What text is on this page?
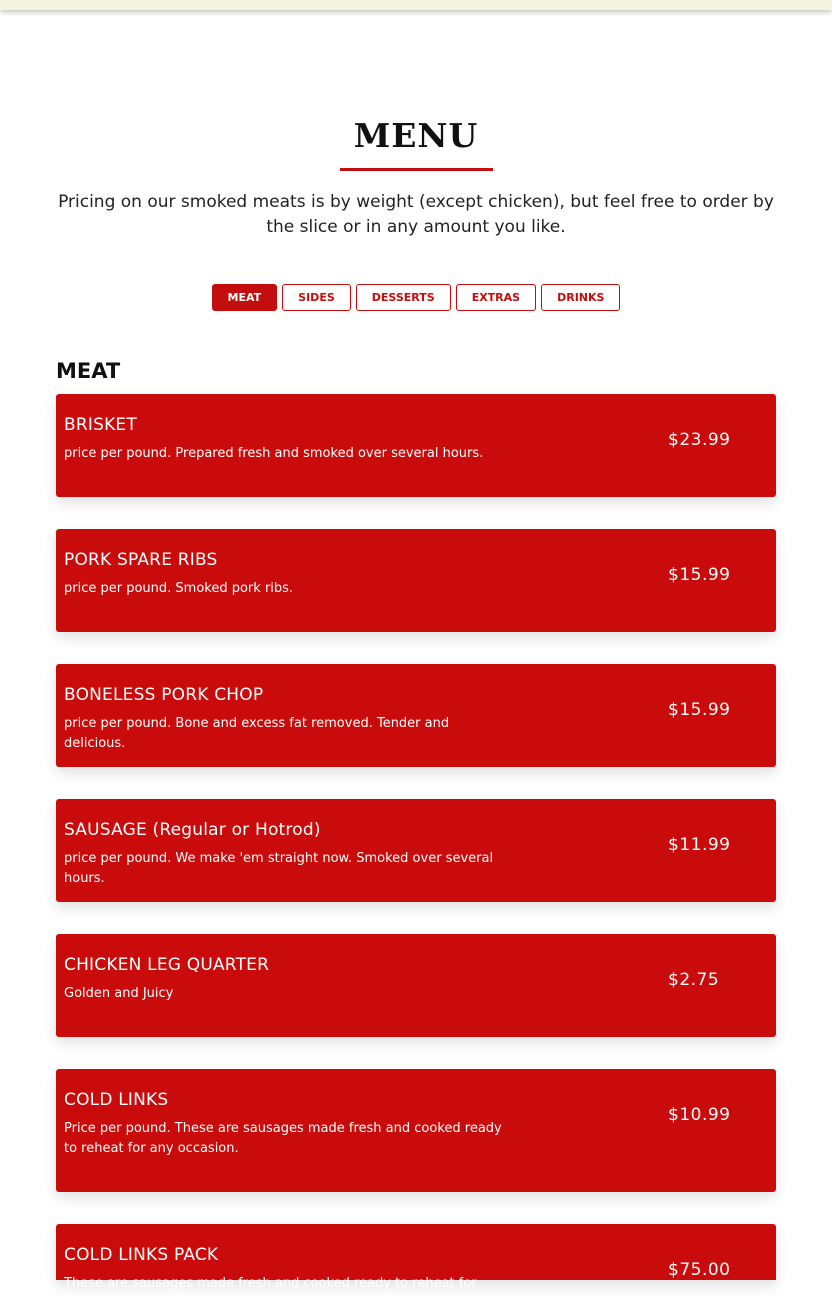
MENU

Pricing on our smoked meats is by weight (except chicken), but feel free to order by the slice or in any amount you like.

MEAT	SIDES	DESSERTS	EXTRAS	DRINKS
MEAT
BRISKET
price per pound. Prepared fresh and smoked over several hours.
$23.99
PORK SPARE RIBS
price per pound. Smoked pork ribs.
$15.99
BONELESS PORK CHOP
price per pound. Bone and excess fat removed. Tender and delicious.
$15.99
SAUSAGE (Regular or Hotrod)
price per pound. We make 'em straight now. Smoked over several hours.
$11.99
CHICKEN LEG QUARTER
Golden and Juicy
$2.75
COLD LINKS
Price per pound. These are sausages made fresh and cooked ready to reheat for any occasion.
$10.99
COLD LINKS PACK
These are sausages made fresh and cooked ready to reheat for any
$75.00
